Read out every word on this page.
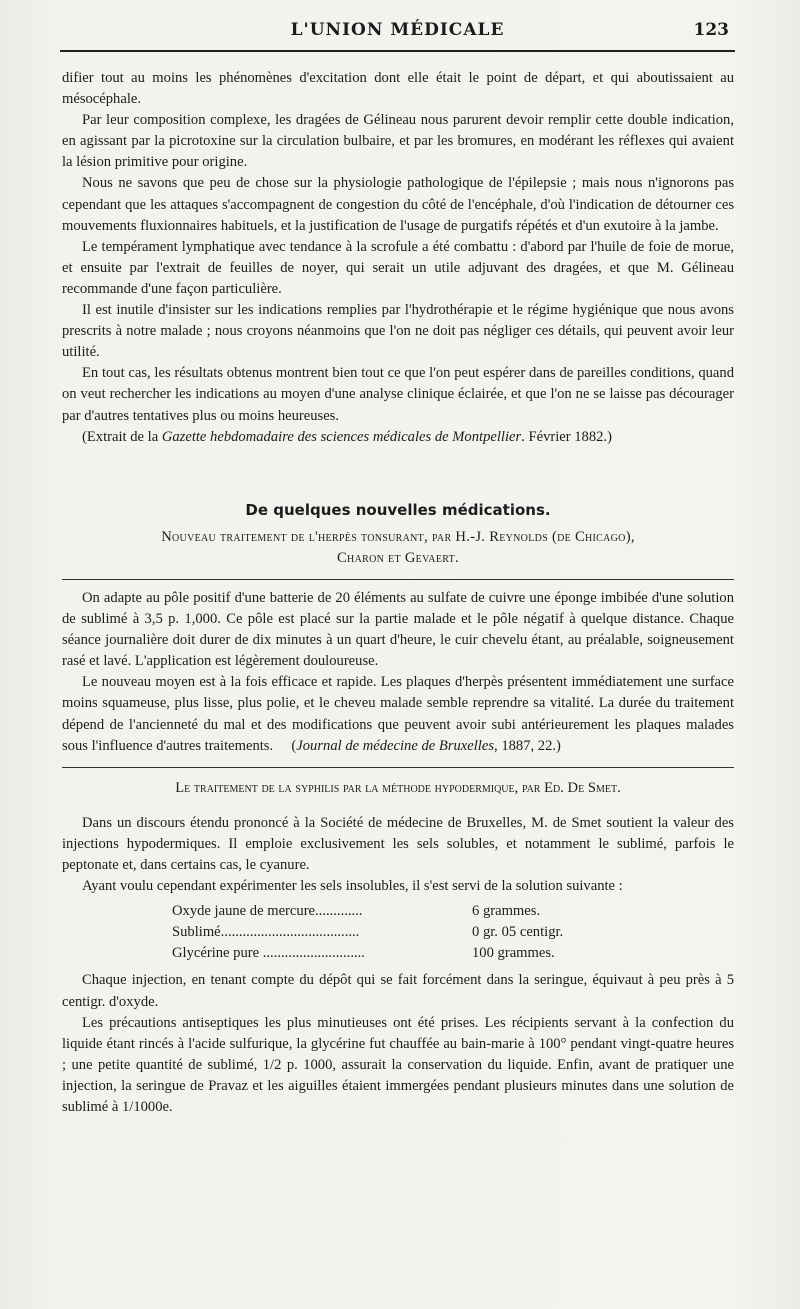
L'UNION MÉDICALE	123

difier tout au moins les phénomènes d'excitation dont elle était le point de départ, et qui aboutissaient au mésocéphale.

Par leur composition complexe, les dragées de Gélineau nous parurent devoir remplir cette double indication, en agissant par la picrotoxine sur la circulation bulbaire, et par les bromures, en modérant les réflexes qui avaient la lésion primitive pour origine.

Nous ne savons que peu de chose sur la physiologie pathologique de l'épilepsie ; mais nous n'ignorons pas cependant que les attaques s'accompagnent de congestion du côté de l'encéphale, d'où l'indication de détourner ces mouvements fluxionnaires habituels, et la justification de l'usage de purgatifs répétés et d'un exutoire à la jambe.

Le tempérament lymphatique avec tendance à la scrofule a été combattu : d'abord par l'huile de foie de morue, et ensuite par l'extrait de feuilles de noyer, qui serait un utile adjuvant des dragées, et que M. Gélineau recommande d'une façon particulière.

Il est inutile d'insister sur les indications remplies par l'hydrothérapie et le régime hygiénique que nous avons prescrits à notre malade ; nous croyons néanmoins que l'on ne doit pas négliger ces détails, qui peuvent avoir leur utilité.

En tout cas, les résultats obtenus montrent bien tout ce que l'on peut espérer dans de pareilles conditions, quand on veut rechercher les indications au moyen d'une analyse clinique éclairée, et que l'on ne se laisse pas décourager par d'autres tentatives plus ou moins heureuses.

(Extrait de la Gazette hebdomadaire des sciences médicales de Montpellier. Février 1882.)

De quelques nouvelles médications.

Nouveau traitement de l'herpès tonsurant, par H.-J. Reynolds (de Chicago),

Charon et Gevaert.

On adapte au pôle positif d'une batterie de 20 éléments au sulfate de cuivre une éponge imbibée d'une solution de sublimé à 3,5 p. 1,000. Ce pôle est placé sur la partie malade et le pôle négatif à quelque distance. Chaque séance journalière doit durer de dix minutes à un quart d'heure, le cuir chevelu étant, au préalable, soigneusement rasé et lavé. L'application est légèrement douloureuse.

Le nouveau moyen est à la fois efficace et rapide. Les plaques d'herpès présentent immédiatement une surface moins squameuse, plus lisse, plus polie, et le cheveu malade semble reprendre sa vitalité. La durée du traitement dépend de l'ancienneté du mal et des modifications que peuvent avoir subi antérieurement les plaques malades sous l'influence d'autres traitements. (Journal de médecine de Bruxelles, 1887, 22.)

Le traitement de la syphilis par la méthode hypodermique, par Ed. De Smet.

Dans un discours étendu prononcé à la Société de médecine de Bruxelles, M. de Smet soutient la valeur des injections hypodermiques. Il emploie exclusivement les sels solubles, et notamment le sublimé, parfois le peptonate et, dans certains cas, le cyanure.

Ayant voulu cependant expérimenter les sels insolubles, il s'est servi de la solution suivante :

Oxyde jaune de mercure.............	6 grammes.
Sublimé......................................	0 gr. 05 centigr.
Glycérine pure ............................	100 grammes.

Chaque injection, en tenant compte du dépôt qui se fait forcément dans la seringue, équivaut à peu près à 5 centigr. d'oxyde.

Les précautions antiseptiques les plus minutieuses ont été prises. Les récipients servant à la confection du liquide étant rincés à l'acide sulfurique, la glycérine fut chauffée au bain-marie à 100° pendant vingt-quatre heures ; une petite quantité de sublimé, 1/2 p. 1000, assurait la conservation du liquide. Enfin, avant de pratiquer une injection, la seringue de Pravaz et les aiguilles étaient immergées pendant plusieurs minutes dans une solution de sublimé à 1/1000e.
